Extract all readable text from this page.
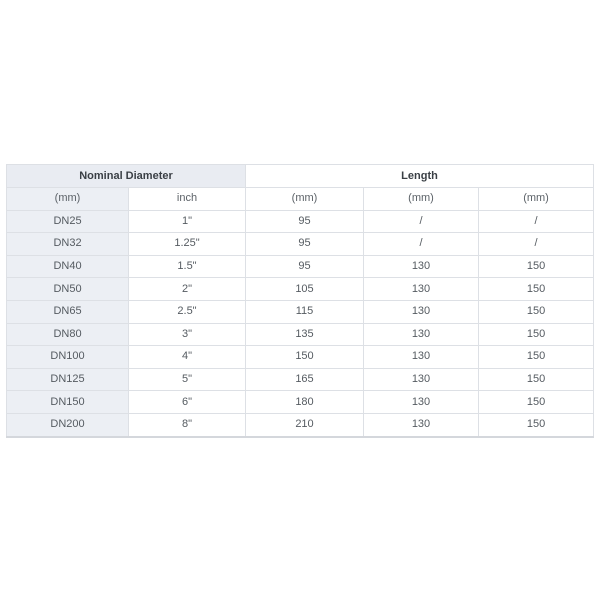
Nominal Diameter		Length		
(mm)	inch	(mm)	(mm)	(mm)
DN25	1"	95	/	/
DN32	1.25"	95	/	/
DN40	1.5"	95	130	150
DN50	2"	105	130	150
DN65	2.5"	115	130	150
DN80	3"	135	130	150
DN100	4"	150	130	150
DN125	5"	165	130	150
DN150	6"	180	130	150
DN200	8"	210	130	150
